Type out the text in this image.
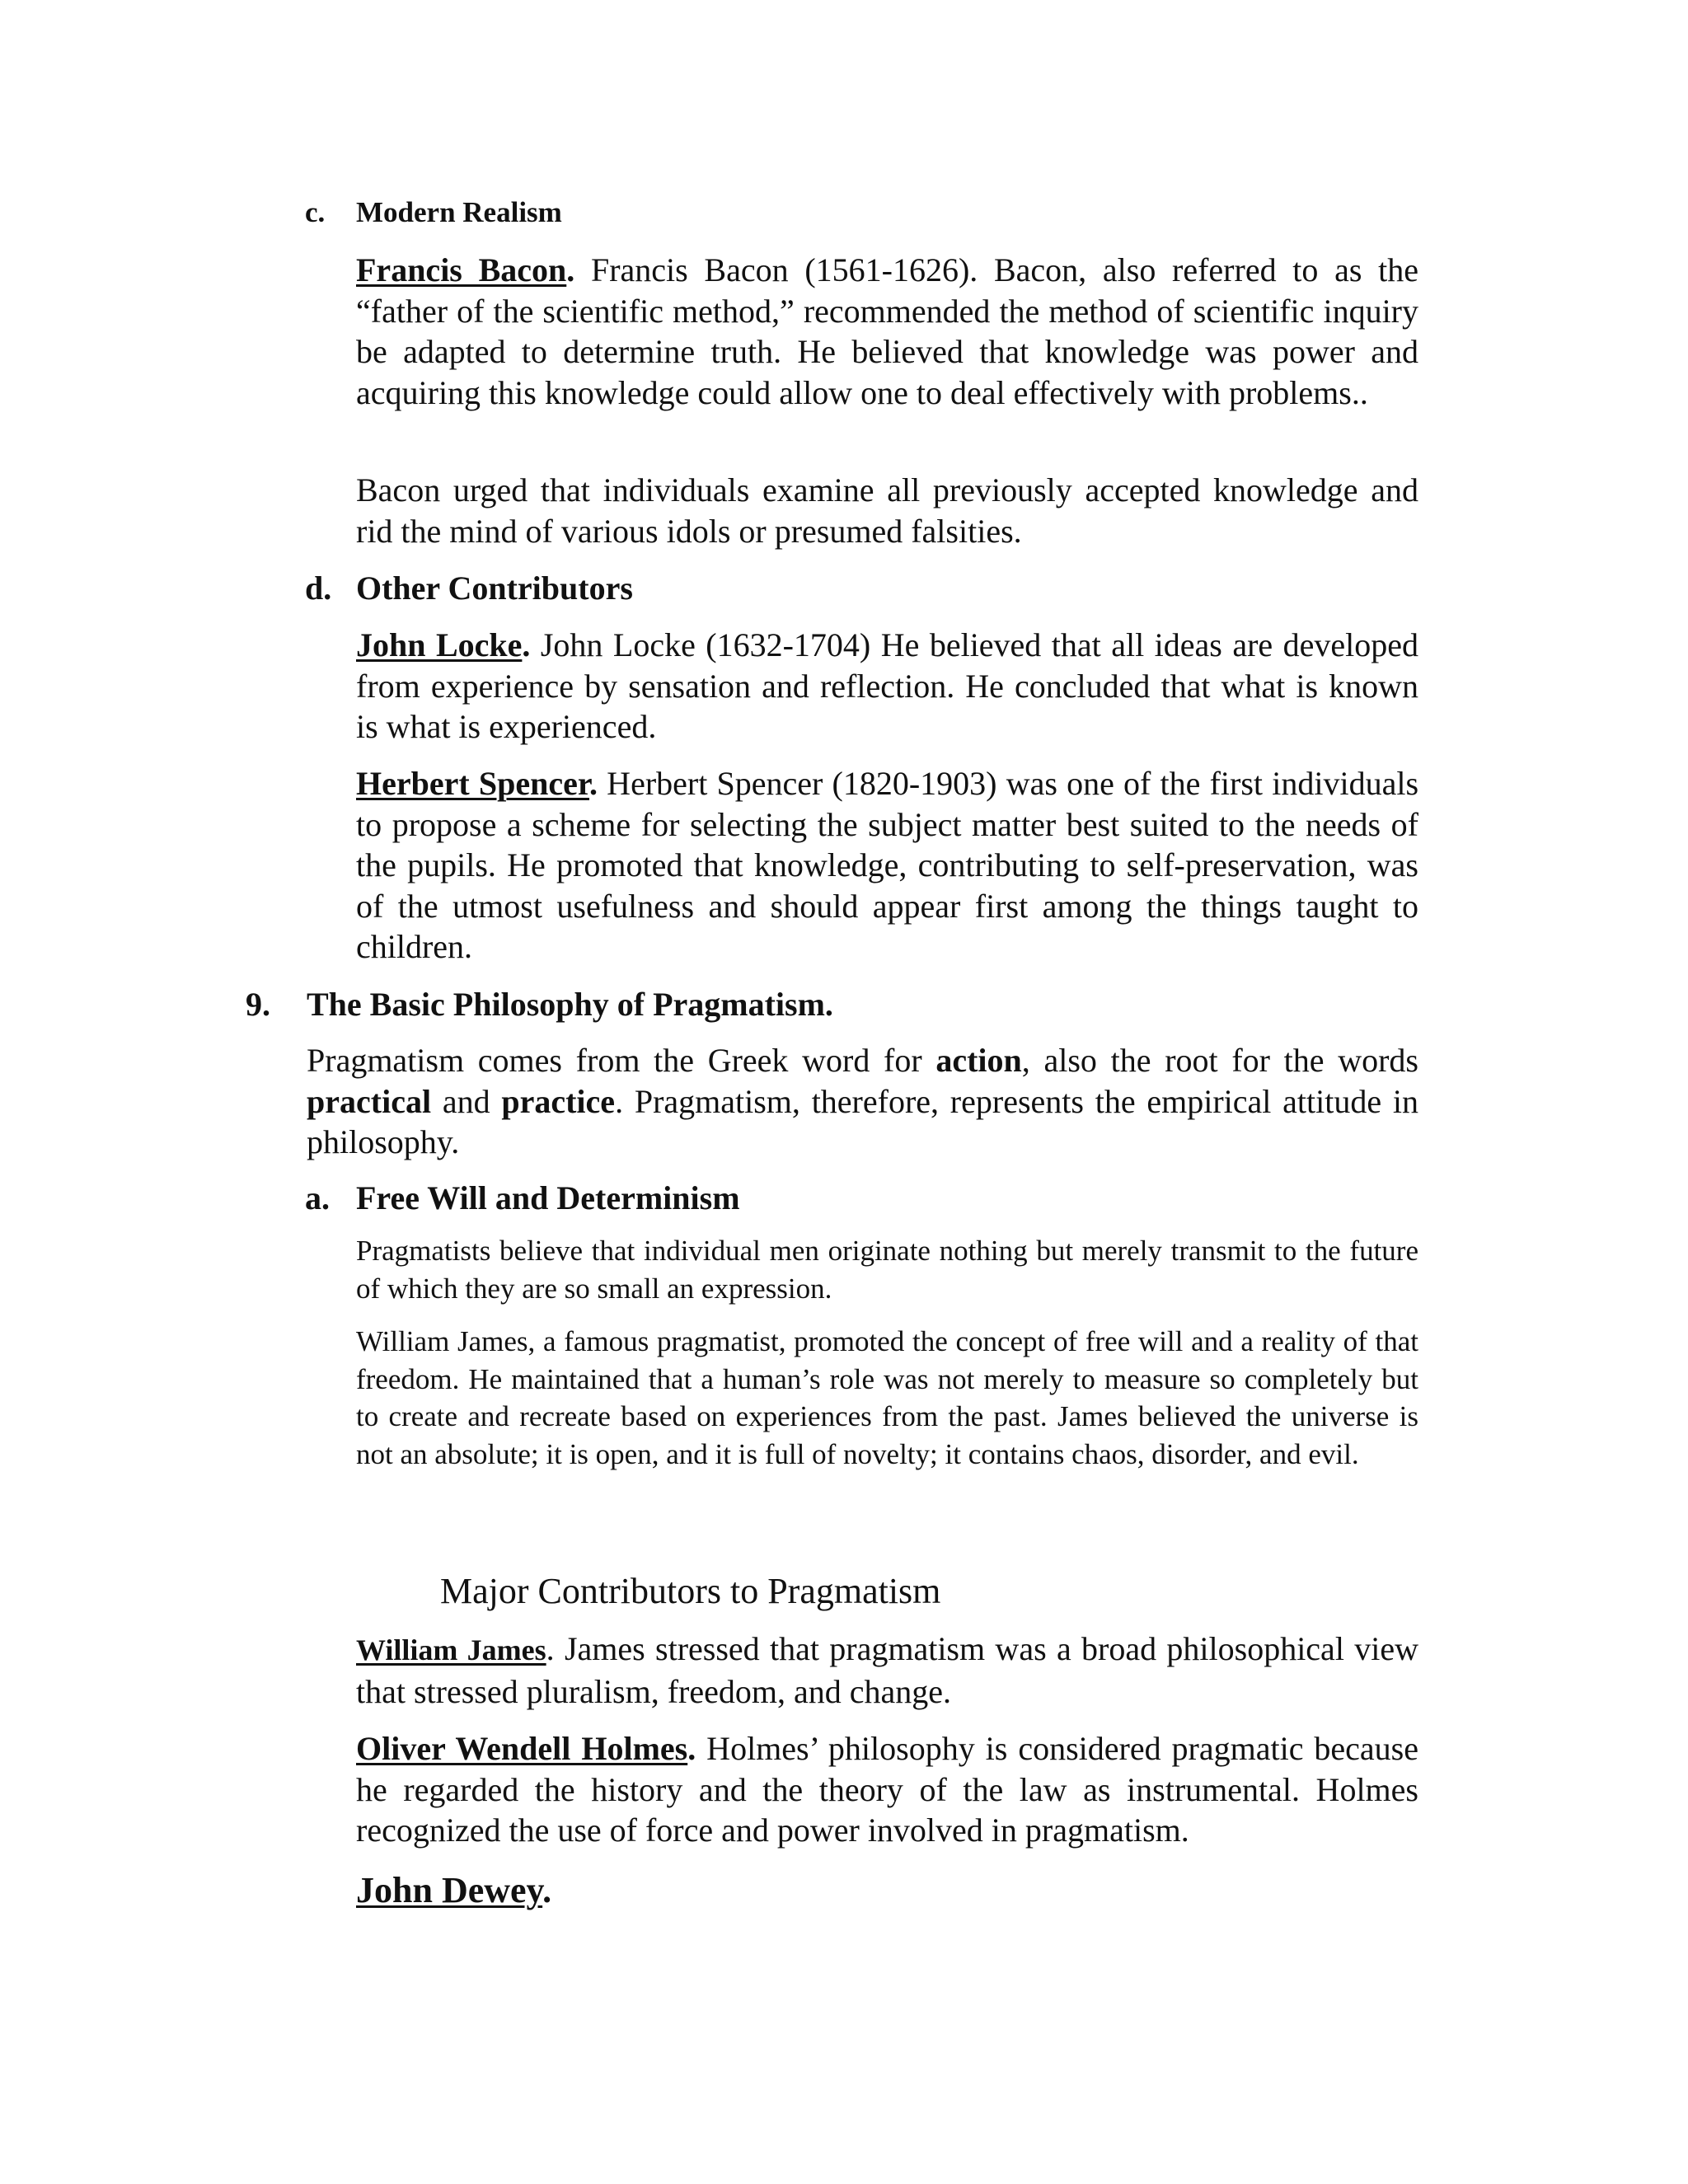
c. Modern Realism
Francis Bacon. Francis Bacon (1561-1626). Bacon, also referred to as the “father of the scientific method,” recommended the method of scientific inquiry be adapted to determine truth. He believed that knowledge was power and acquiring this knowledge could allow one to deal effectively with problems..
Bacon urged that individuals examine all previously accepted knowledge and rid the mind of various idols or presumed falsities.
d. Other Contributors
John Locke. John Locke (1632-1704) He believed that all ideas are developed from experience by sensation and reflection. He concluded that what is known is what is experienced.
Herbert Spencer. Herbert Spencer (1820-1903) was one of the first individuals to propose a scheme for selecting the subject matter best suited to the needs of the pupils. He promoted that knowledge, contributing to self-preservation, was of the utmost usefulness and should appear first among the things taught to children.
9. The Basic Philosophy of Pragmatism.
Pragmatism comes from the Greek word for action, also the root for the words practical and practice. Pragmatism, therefore, represents the empirical attitude in philosophy.
a. Free Will and Determinism
Pragmatists believe that individual men originate nothing but merely transmit to the future of which they are so small an expression.
William James, a famous pragmatist, promoted the concept of free will and a reality of that freedom. He maintained that a human’s role was not merely to measure so completely but to create and recreate based on experiences from the past. James believed the universe is not an absolute; it is open, and it is full of novelty; it contains chaos, disorder, and evil.
Major Contributors to Pragmatism
William James. James stressed that pragmatism was a broad philosophical view that stressed pluralism, freedom, and change.
Oliver Wendell Holmes. Holmes’ philosophy is considered pragmatic because he regarded the history and the theory of the law as instrumental. Holmes recognized the use of force and power involved in pragmatism.
John Dewey.
